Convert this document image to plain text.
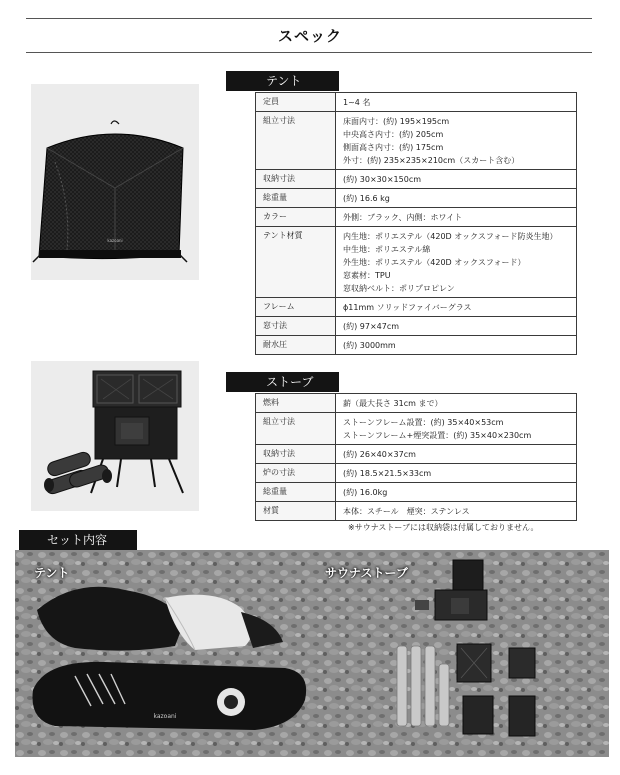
スペック
テント
kazoani
定員	1~4 名

組立寸法	床面内寸：(約) 195×195cm
中央高さ内寸：(約) 205cm
側面高さ内寸：(約) 175cm
外寸：(約) 235×235×210cm（スカート含む）

収納寸法	(約) 30×30×150cm

総重量	(約) 16.6 kg

カラー	外側：ブラック、内側：ホワイト

テント材質	内生地：ポリエステル（420D オックスフォード防炎生地）
中生地：ポリエステル綿
外生地：ポリエステル（420D オックスフォード）
窓素材：TPU
窓収納ベルト：ポリプロピレン

フレーム	ϕ11mm ソリッドファイバーグラス

窓寸法	(約) 97×47cm

耐水圧	(約) 3000mm
ストーブ
燃料	薪（最大長さ 31cm まで）

組立寸法	ストーンフレーム設置：(約) 35×40×53cm
ストーンフレーム+煙突設置：(約) 35×40×230cm

収納寸法	(約) 26×40×37cm

炉の寸法	(約) 18.5×21.5×33cm

総重量	(約) 16.0kg

材質	本体：スチール　煙突：ステンレス
※サウナストーブには収納袋は付属しておりません。
セット内容
kazoani
テント	サウナストーブ
